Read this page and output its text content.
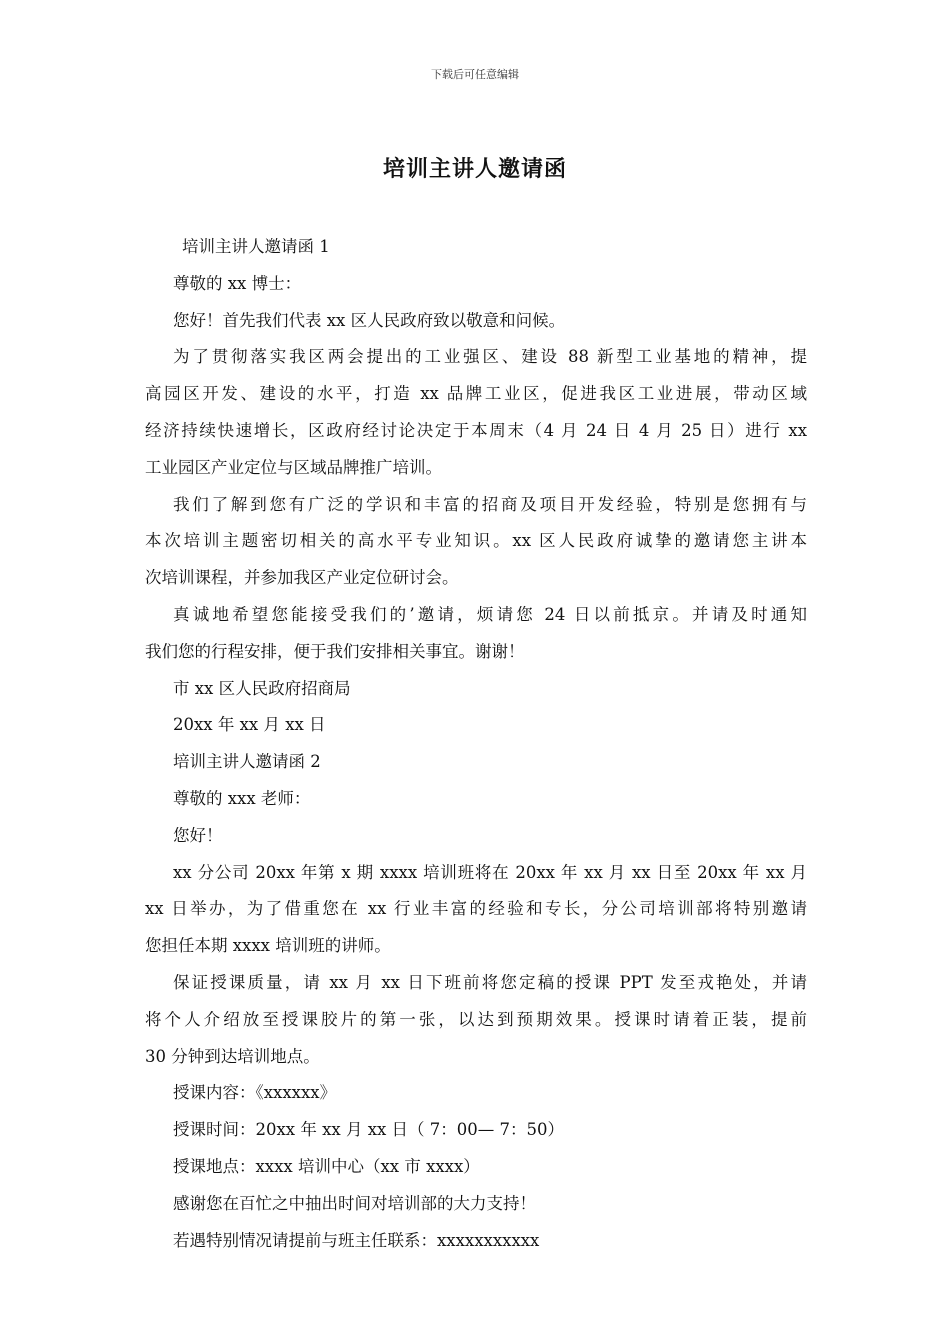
下载后可任意编辑
培训主讲人邀请函
培训主讲人邀请函 1
尊敬的 xx 博士：
您好！首先我们代表 xx 区人民政府致以敬意和问候。
为了贯彻落实我区两会提出的工业强区、建设 88 新型工业基地的精神，提
高园区开发、建设的水平，打造 xx 品牌工业区，促进我区工业进展，带动区域
经济持续快速增长，区政府经讨论决定于本周末（4 月 24 日 4 月 25 日）进行 xx
工业园区产业定位与区域品牌推广培训。
我们了解到您有广泛的学识和丰富的招商及项目开发经验，特别是您拥有与
本次培训主题密切相关的高水平专业知识。xx 区人民政府诚挚的邀请您主讲本
次培训课程，并参加我区产业定位研讨会。
真诚地希望您能接受我们的’邀请，烦请您 24 日以前抵京。并请及时通知
我们您的行程安排，便于我们安排相关事宜。谢谢！
市 xx 区人民政府招商局
20xx 年 xx 月 xx 日
培训主讲人邀请函 2
尊敬的 xxx 老师：
您好！
xx 分公司 20xx 年第 x 期 xxxx 培训班将在 20xx 年 xx 月 xx 日至 20xx 年 xx 月
xx 日举办，为了借重您在 xx 行业丰富的经验和专长，分公司培训部将特别邀请
您担任本期 xxxx 培训班的讲师。
保证授课质量，请 xx 月 xx 日下班前将您定稿的授课 PPT 发至戎艳处，并请
将个人介绍放至授课胶片的第一张，以达到预期效果。授课时请着正装，提前
30 分钟到达培训地点。
授课内容：《xxxxxx》
授课时间：20xx 年 xx 月 xx 日（ 7：00— 7：50）
授课地点：xxxx 培训中心（xx 市 xxxx）
感谢您在百忙之中抽出时间对培训部的大力支持！
若遇特别情况请提前与班主任联系：xxxxxxxxxxx
